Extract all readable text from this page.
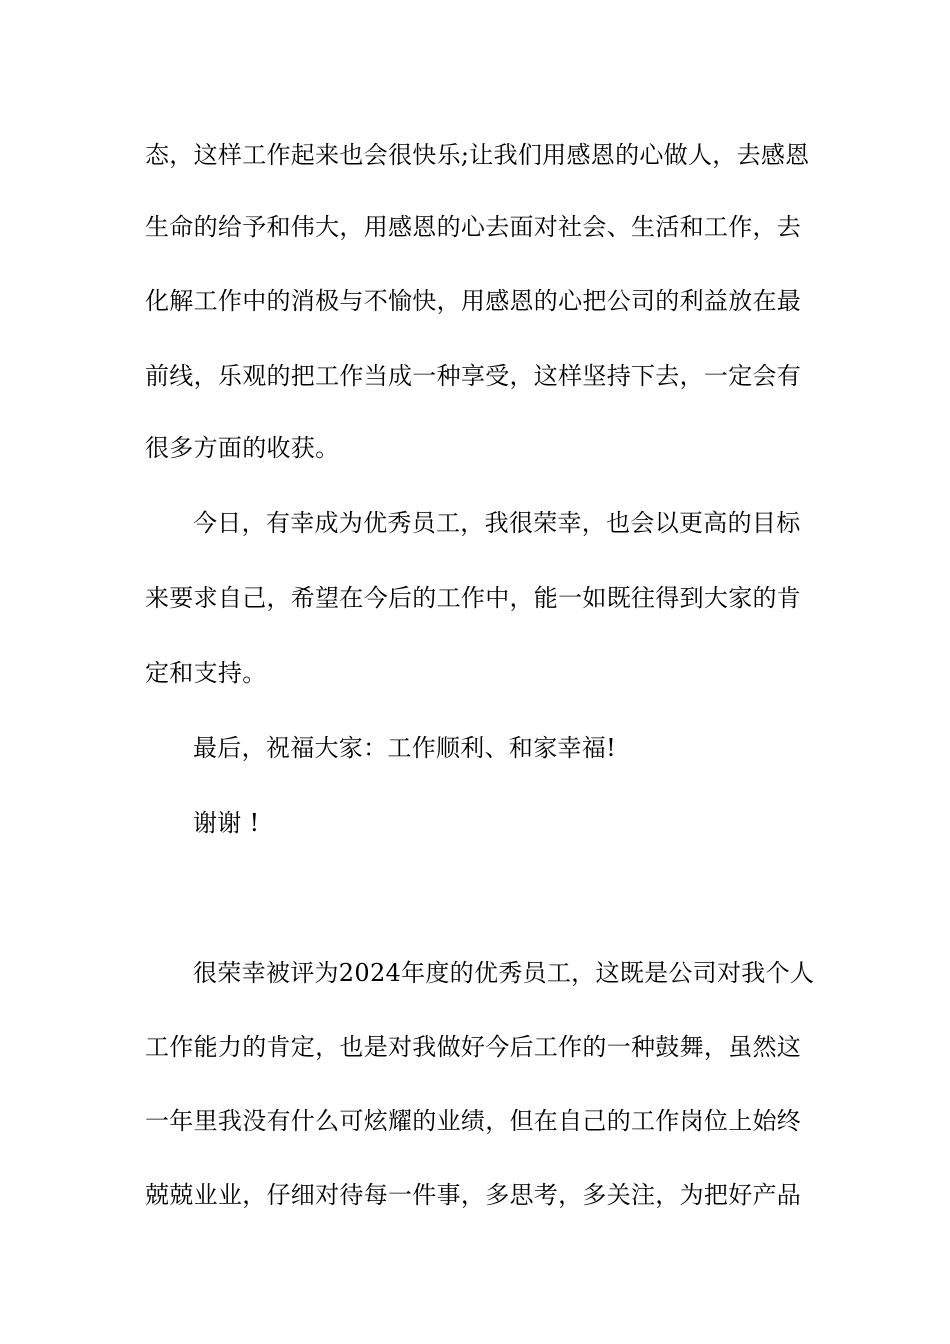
态，这样工作起来也会很快乐;让我们用感恩的心做人，去感恩
生命的给予和伟大，用感恩的心去面对社会、生活和工作，去
化解工作中的消极与不愉快，用感恩的心把公司的利益放在最
前线，乐观的把工作当成一种享受，这样坚持下去，一定会有
很多方面的收获。
今日，有幸成为优秀员工，我很荣幸，也会以更高的目标
来要求自己，希望在今后的工作中，能一如既往得到大家的肯
定和支持。
最后，祝福大家：工作顺利、和家幸福!
谢谢 !
很荣幸被评为2024年度的优秀员工，这既是公司对我个人
工作能力的肯定，也是对我做好今后工作的一种鼓舞，虽然这
一年里我没有什么可炫耀的业绩，但在自己的工作岗位上始终
兢兢业业，仔细对待每一件事，多思考，多关注，为把好产品
